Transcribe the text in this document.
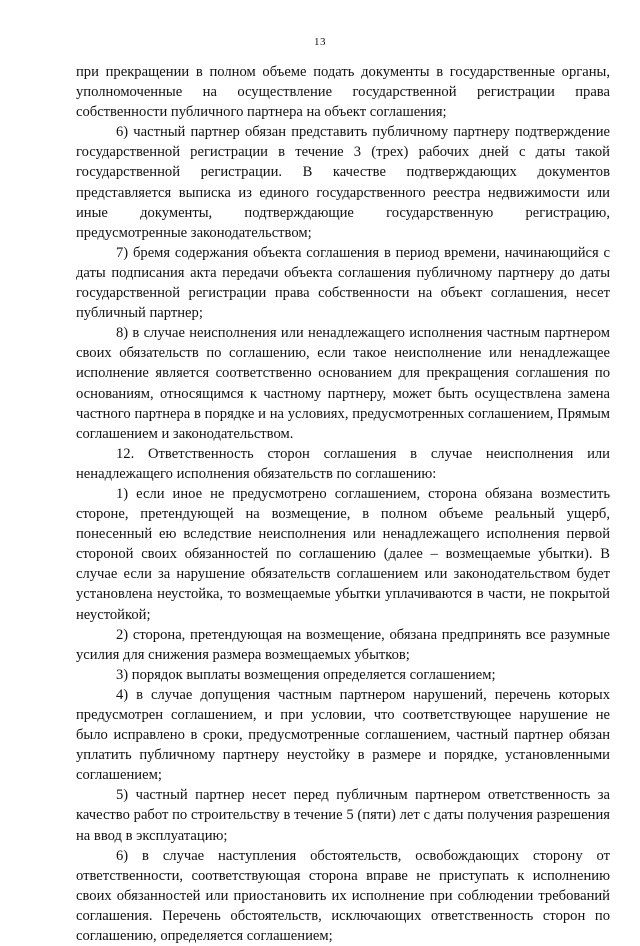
13

при прекращении в полном объеме подать документы в государственные органы, уполномоченные на осуществление государственной регистрации права собственности публичного партнера на объект соглашения;

6) частный партнер обязан представить публичному партнеру подтверждение государственной регистрации в течение 3 (трех) рабочих дней с даты такой государственной регистрации. В качестве подтверждающих документов представляется выписка из единого государственного реестра недвижимости или иные документы, подтверждающие государственную регистрацию, предусмотренные законодательством;

7) бремя содержания объекта соглашения в период времени, начинающийся с даты подписания акта передачи объекта соглашения публичному партнеру до даты государственной регистрации права собственности на объект соглашения, несет публичный партнер;

8) в случае неисполнения или ненадлежащего исполнения частным партнером своих обязательств по соглашению, если такое неисполнение или ненадлежащее исполнение является соответственно основанием для прекращения соглашения по основаниям, относящимся к частному партнеру, может быть осуществлена замена частного партнера в порядке и на условиях, предусмотренных соглашением, Прямым соглашением и законодательством.

12. Ответственность сторон соглашения в случае неисполнения или ненадлежащего исполнения обязательств по соглашению:

1) если иное не предусмотрено соглашением, сторона обязана возместить стороне, претендующей на возмещение, в полном объеме реальный ущерб, понесенный ею вследствие неисполнения или ненадлежащего исполнения первой стороной своих обязанностей по соглашению (далее – возмещаемые убытки). В случае если за нарушение обязательств соглашением или законодательством будет установлена неустойка, то возмещаемые убытки уплачиваются в части, не покрытой неустойкой;

2) сторона, претендующая на возмещение, обязана предпринять все разумные усилия для снижения размера возмещаемых убытков;

3) порядок выплаты возмещения определяется соглашением;

4) в случае допущения частным партнером нарушений, перечень которых предусмотрен соглашением, и при условии, что соответствующее нарушение не было исправлено в сроки, предусмотренные соглашением, частный партнер обязан уплатить публичному партнеру неустойку в размере и порядке, установленными соглашением;

5) частный партнер несет перед публичным партнером ответственность за качество работ по строительству в течение 5 (пяти) лет с даты получения разрешения на ввод в эксплуатацию;

6) в случае наступления обстоятельств, освобождающих сторону от ответственности, соответствующая сторона вправе не приступать к исполнению своих обязанностей или приостановить их исполнение при соблюдении требований соглашения. Перечень обстоятельств, исключающих ответственность сторон по соглашению, определяется соглашением;
